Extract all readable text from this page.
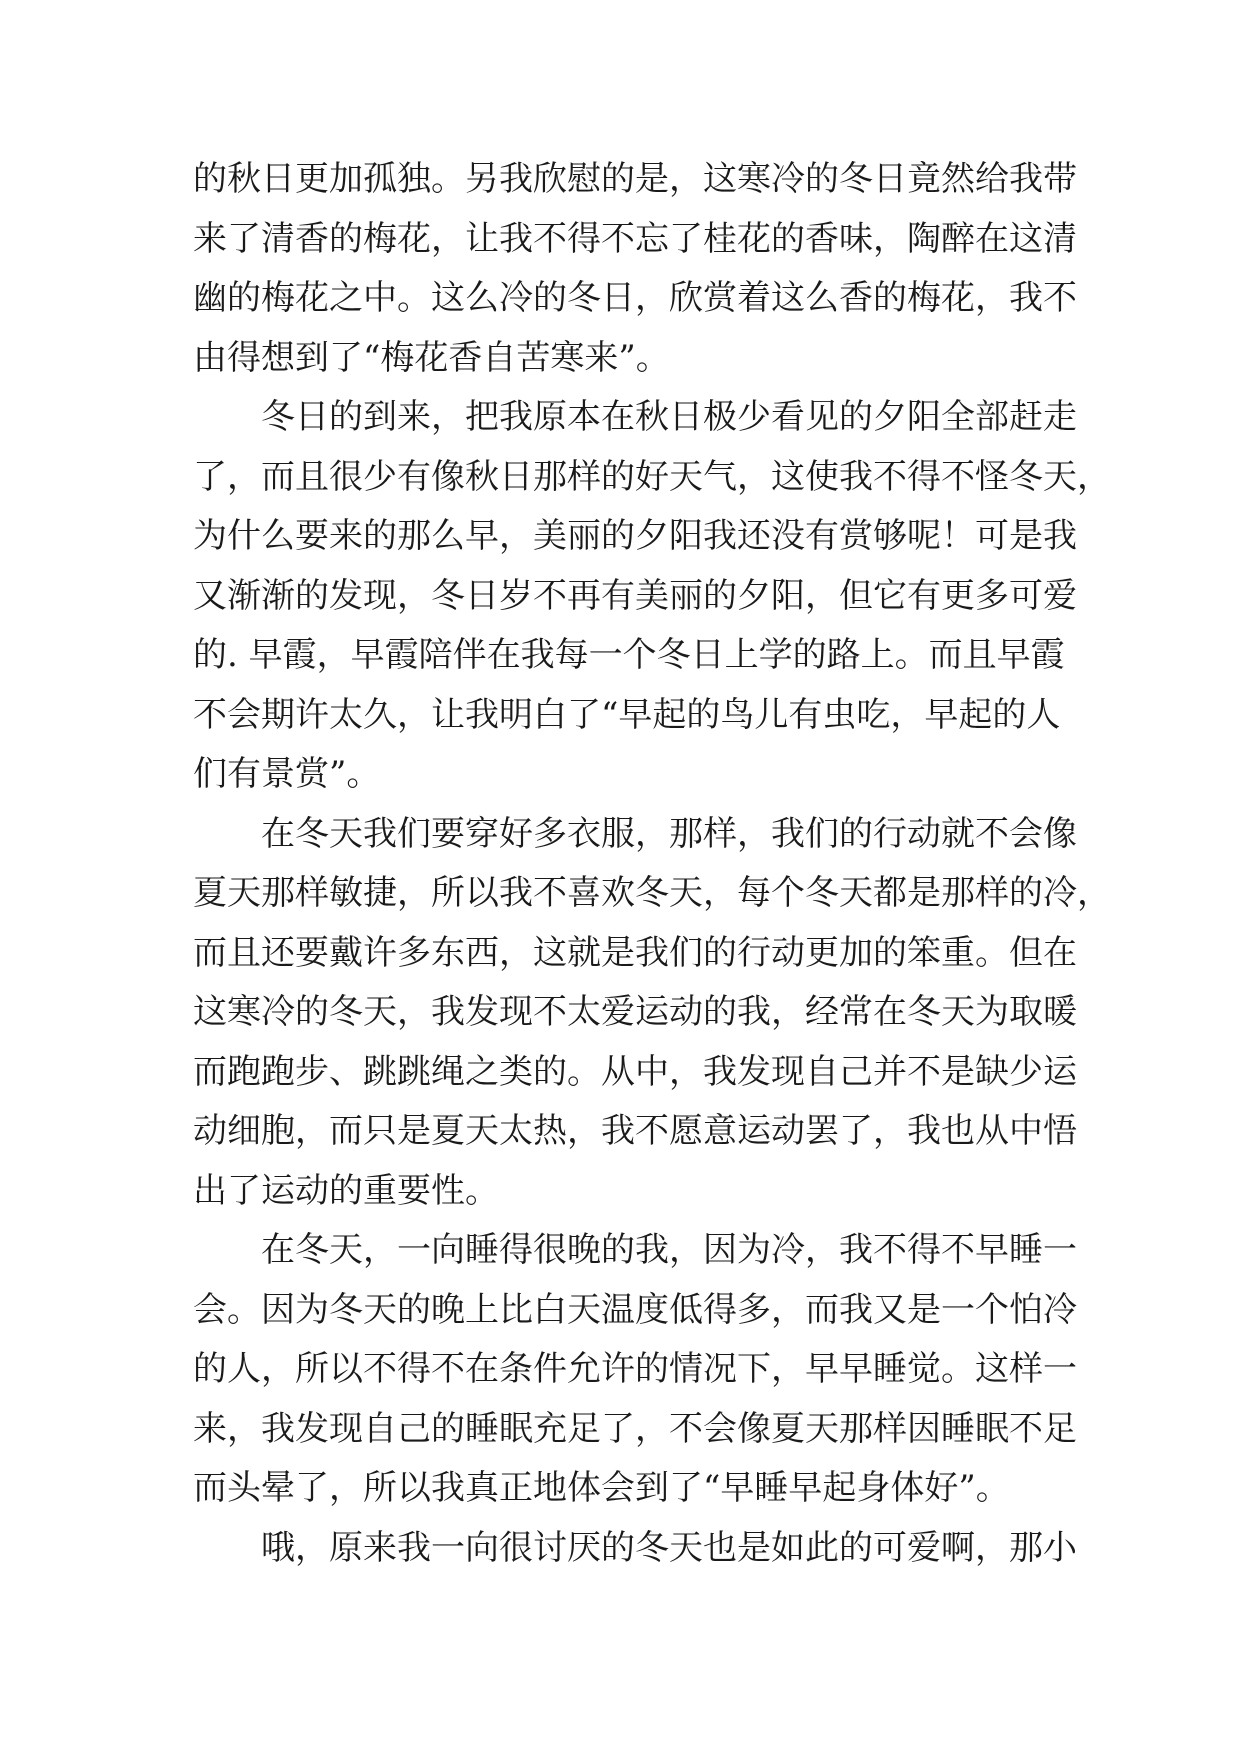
的秋日更加孤独。另我欣慰的是，这寒冷的冬日竟然给我带
来了清香的梅花，让我不得不忘了桂花的香味，陶醉在这清
幽的梅花之中。这么冷的冬日，欣赏着这么香的梅花，我不
由得想到了“梅花香自苦寒来”。
冬日的到来，把我原本在秋日极少看见的夕阳全部赶走
了，而且很少有像秋日那样的好天气，这使我不得不怪冬天，
为什么要来的那么早，美丽的夕阳我还没有赏够呢！可是我
又渐渐的发现，冬日岁不再有美丽的夕阳，但它有更多可爱
的. 早霞，早霞陪伴在我每一个冬日上学的路上。而且早霞
不会期许太久，让我明白了“早起的鸟儿有虫吃，早起的人
们有景赏”。
在冬天我们要穿好多衣服，那样，我们的行动就不会像
夏天那样敏捷，所以我不喜欢冬天，每个冬天都是那样的冷，
而且还要戴许多东西，这就是我们的行动更加的笨重。但在
这寒冷的冬天，我发现不太爱运动的我，经常在冬天为取暖
而跑跑步、跳跳绳之类的。从中，我发现自己并不是缺少运
动细胞，而只是夏天太热，我不愿意运动罢了，我也从中悟
出了运动的重要性。
在冬天，一向睡得很晚的我，因为冷，我不得不早睡一
会。因为冬天的晚上比白天温度低得多，而我又是一个怕冷
的人，所以不得不在条件允许的情况下，早早睡觉。这样一
来，我发现自己的睡眠充足了，不会像夏天那样因睡眠不足
而头晕了，所以我真正地体会到了“早睡早起身体好”。
哦，原来我一向很讨厌的冬天也是如此的可爱啊，那小
